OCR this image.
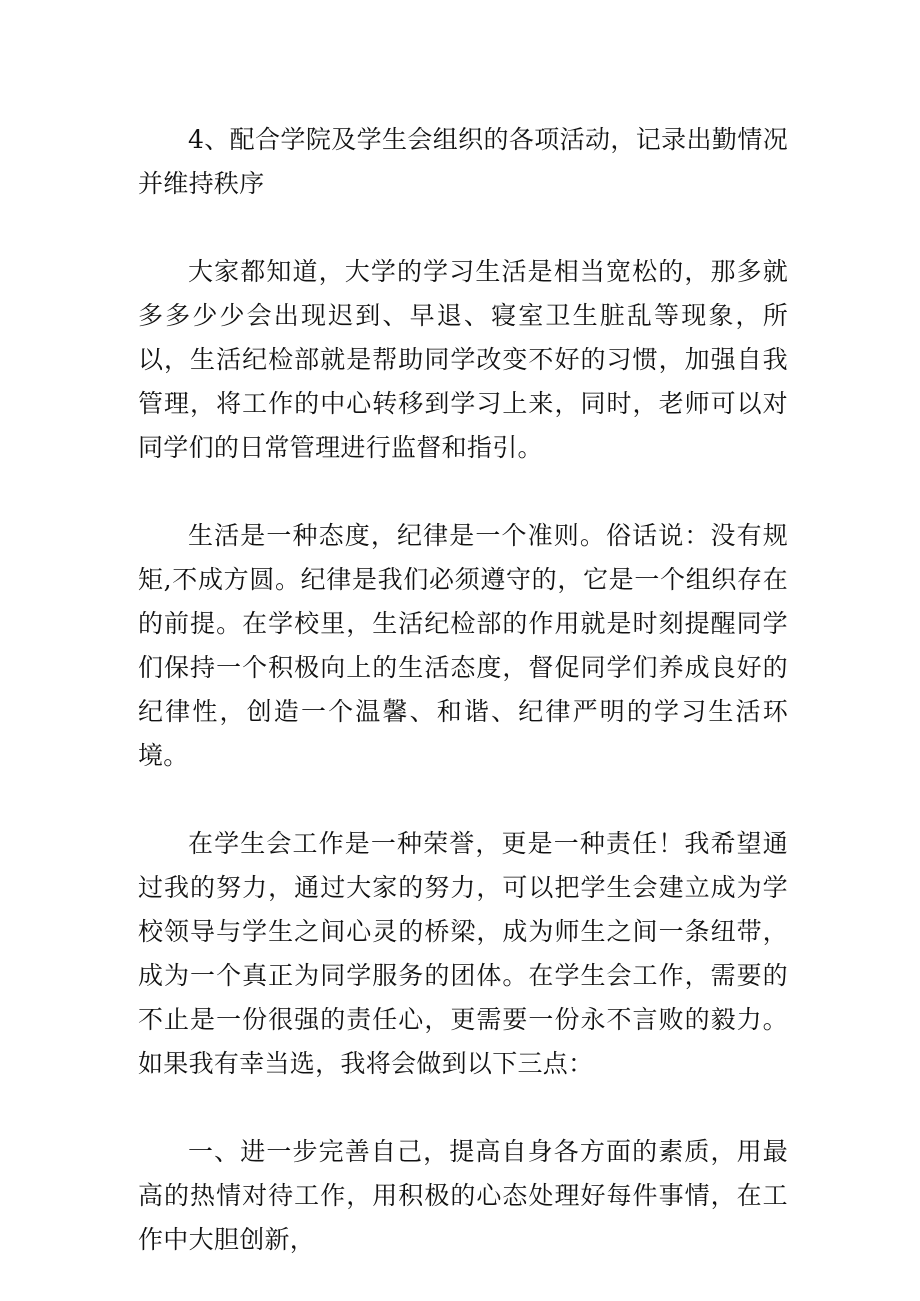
4、配合学院及学生会组织的各项活动，记录出勤情况并维持秩序

大家都知道，大学的学习生活是相当宽松的，那多就多多少少会出现迟到、早退、寝室卫生脏乱等现象，所以，生活纪检部就是帮助同学改变不好的习惯，加强自我管理，将工作的中心转移到学习上来，同时，老师可以对同学们的日常管理进行监督和指引。

生活是一种态度，纪律是一个准则。俗话说：没有规矩,不成方圆。纪律是我们必须遵守的，它是一个组织存在的前提。在学校里，生活纪检部的作用就是时刻提醒同学们保持一个积极向上的生活态度，督促同学们养成良好的纪律性，创造一个温馨、和谐、纪律严明的学习生活环境。

在学生会工作是一种荣誉，更是一种责任！我希望通过我的努力，通过大家的努力，可以把学生会建立成为学校领导与学生之间心灵的桥梁，成为师生之间一条纽带，成为一个真正为同学服务的团体。在学生会工作，需要的不止是一份很强的责任心，更需要一份永不言败的毅力。如果我有幸当选，我将会做到以下三点：

一、进一步完善自己，提高自身各方面的素质，用最高的热情对待工作，用积极的心态处理好每件事情，在工作中大胆创新，
